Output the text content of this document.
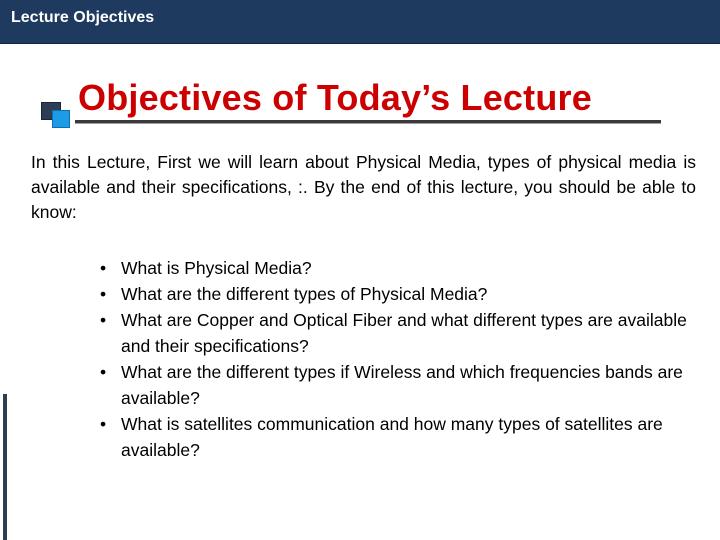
Lecture Objectives
Objectives of Today’s Lecture

In this Lecture, First we will learn about Physical Media, types of physical media is available and their specifications, :. By the end of this lecture, you should be able to know:

• What is Physical Media?
• What are the different types of Physical Media?
• What are Copper and Optical Fiber and what different types are available and their specifications?
• What are the different types if Wireless and which frequencies bands are available?
• What is satellites communication and how many types of satellites are available?
